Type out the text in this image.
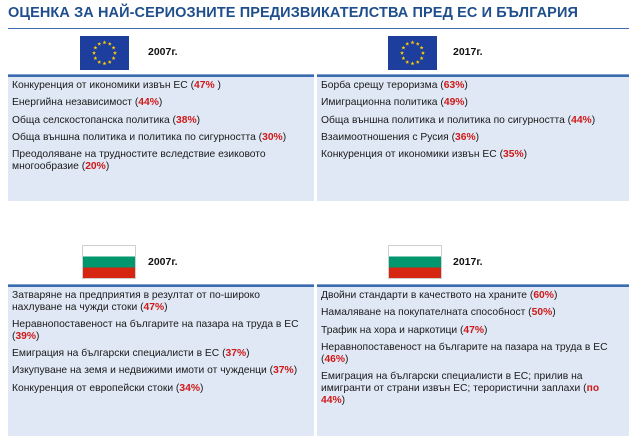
ОЦЕНКА ЗА НАЙ-СЕРИОЗНИТЕ ПРЕДИЗВИКАТЕЛСТВА ПРЕД ЕС И БЪЛГАРИЯ
2007г.
Конкуренция от икономики извън ЕС (47% )
Енергийна независимост (44%)
Обща селскостопанска политика (38%)
Обща външна политика и политика по сигурността (30%)
Преодоляване на трудностите вследствие езиковото многообразие (20%)
2017г.
Борба срещу тероризма (63%)
Имиграционна политика (49%)
Обща външна политика и политика по сигурността (44%)
Взаимоотношения с Русия (36%)
Конкуренция от икономики извън ЕС (35%)
2007г.
Затваряне на предприятия в резултат от по-широко нахлуване на чужди стоки (47%)
Неравнопоставеност на българите на пазара на труда в ЕС (39%)
Емиграция на български специалисти в ЕС (37%)
Изкупуване на земя и недвижими имоти от чужденци (37%)
Конкуренция от европейски стоки (34%)
2017г.
Двойни стандарти в качеството на храните (60%)
Намаляване на покупателната способност (50%)
Трафик на хора и наркотици (47%)
Неравнопоставеност на българите на пазара на труда в ЕС (46%)
Емиграция на български специалисти в ЕС; прилив на имигранти от страни извън ЕС; терористични заплахи (по 44%)
